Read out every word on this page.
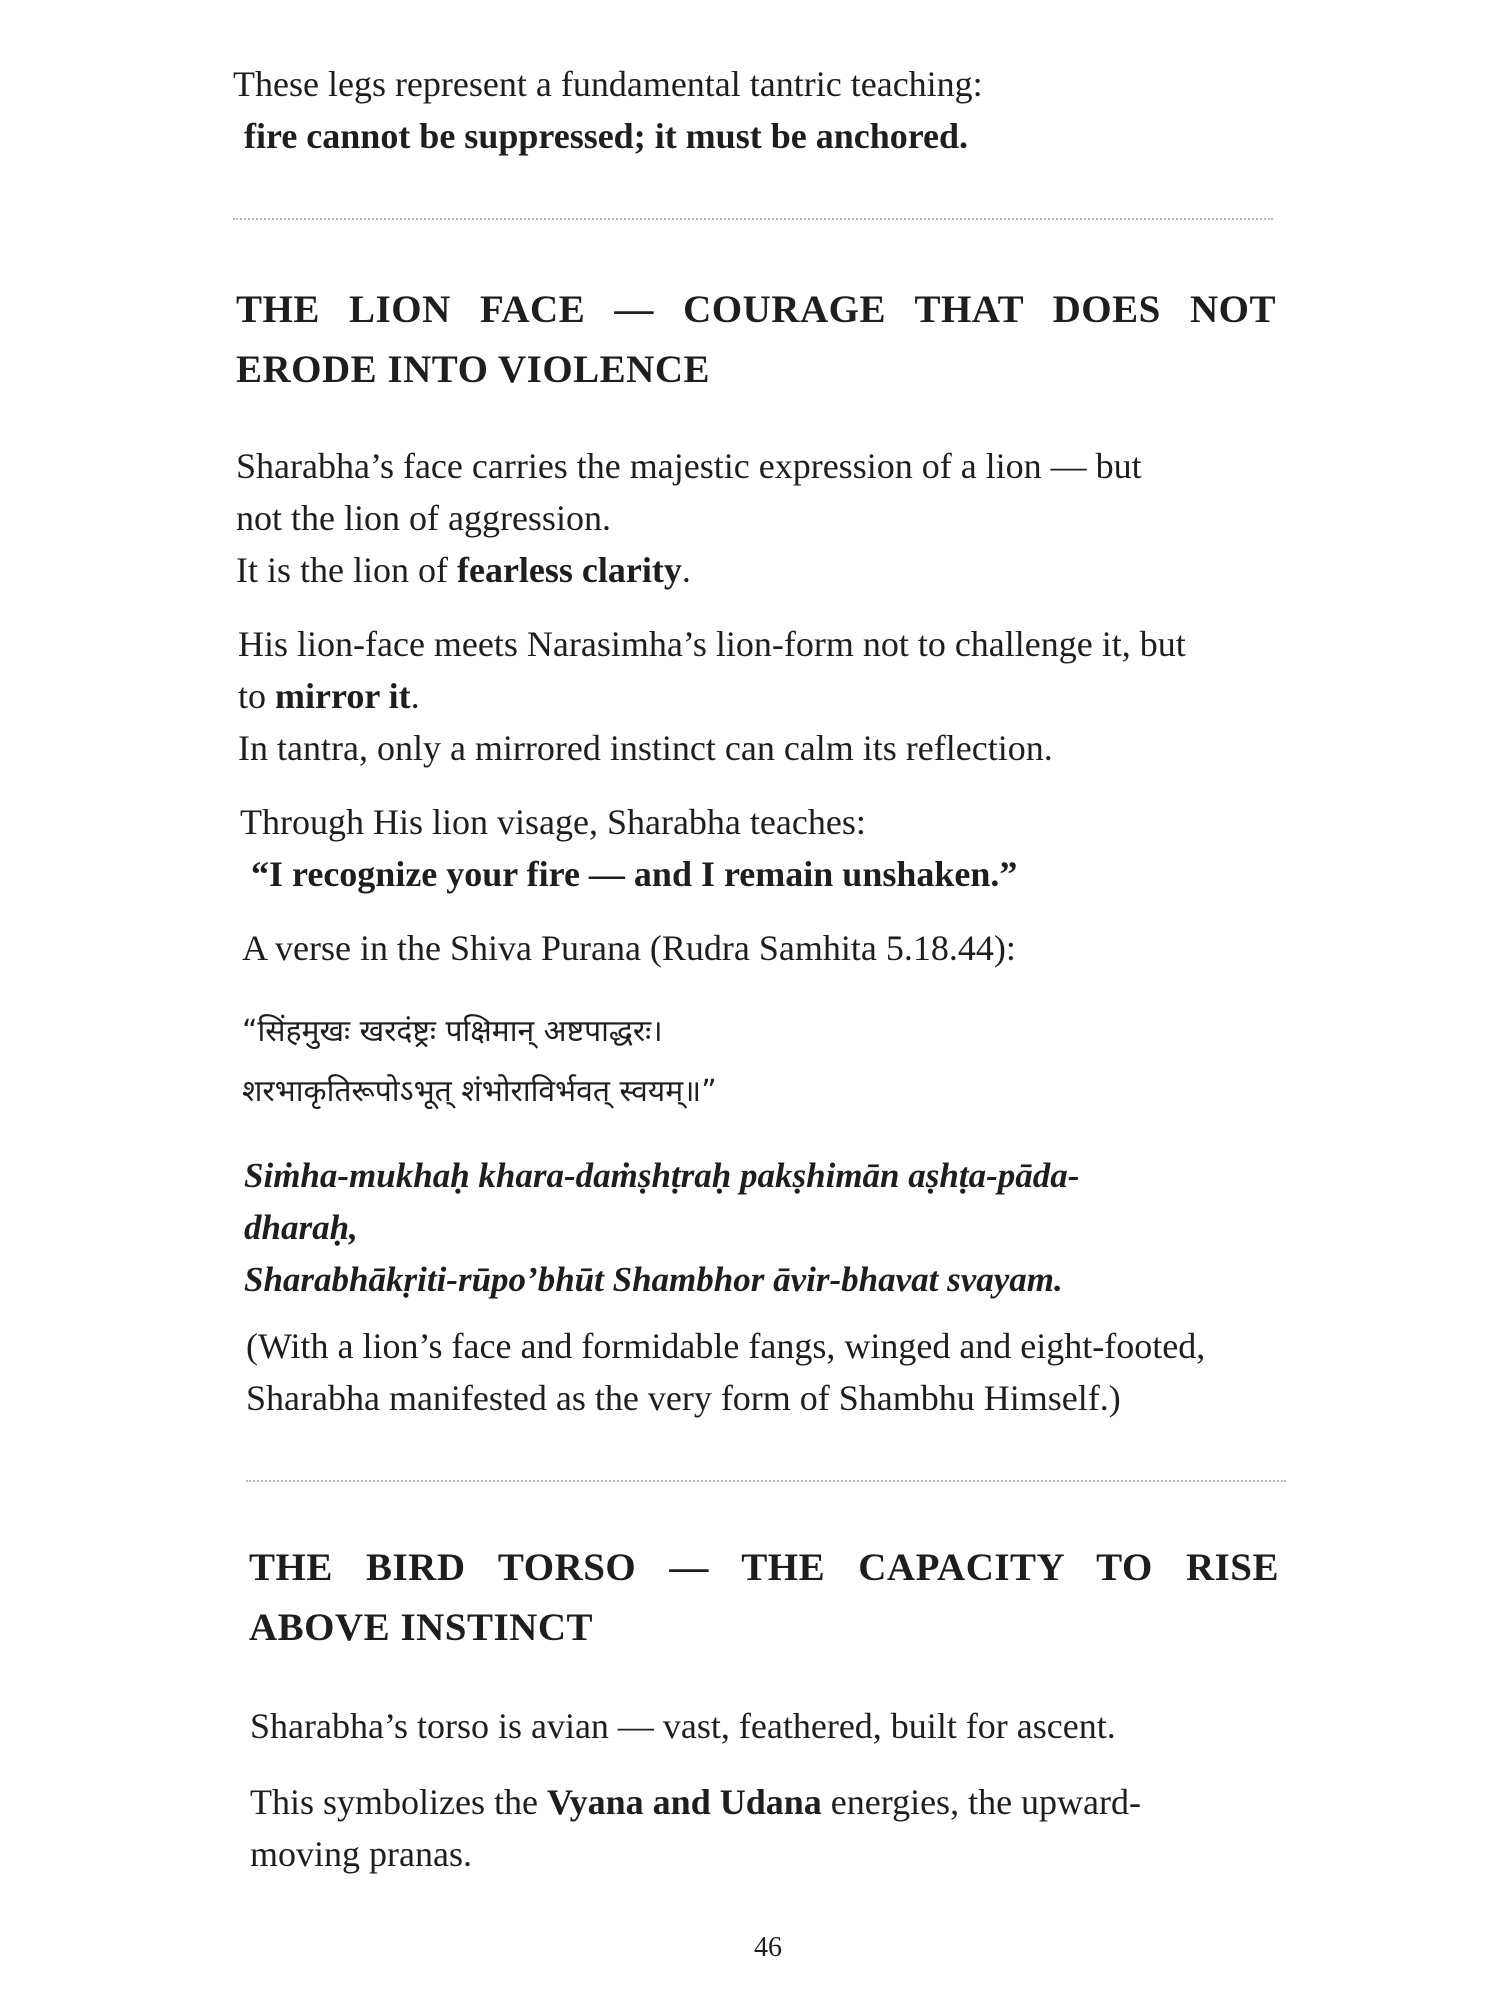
These legs represent a fundamental tantric teaching:

fire cannot be suppressed; it must be anchored.

THE LION FACE — COURAGE THAT DOES NOT
ERODE INTO VIOLENCE

Sharabha’s face carries the majestic expression of a lion — but

not the lion of aggression.

It is the lion of fearless clarity.

His lion-face meets Narasimha’s lion-form not to challenge it, but

to mirror it.

In tantra, only a mirrored instinct can calm its reflection.

Through His lion visage, Sharabha teaches:

“I recognize your fire — and I remain unshaken.”

A verse in the Shiva Purana (Rudra Samhita 5.18.44):

“सिंहमुखः खरदंष्ट्रः पक्षिमान् अष्टपाद्धरः।

शरभाकृतिरूपोऽभूत् शंभोराविर्भवत् स्वयम्॥”

Siṁha-mukhaḥ khara-daṁṣhṭraḥ pakṣhimān aṣhṭa-pāda-

dharaḥ,

Sharabhākṛiti-rūpo’bhūt Shambhor āvir-bhavat svayam.

(With a lion’s face and formidable fangs, winged and eight-footed,

Sharabha manifested as the very form of Shambhu Himself.)

THE BIRD TORSO — THE CAPACITY TO RISE
ABOVE INSTINCT

Sharabha’s torso is avian — vast, feathered, built for ascent.

This symbolizes the Vyana and Udana energies, the upward-

moving pranas.

46
